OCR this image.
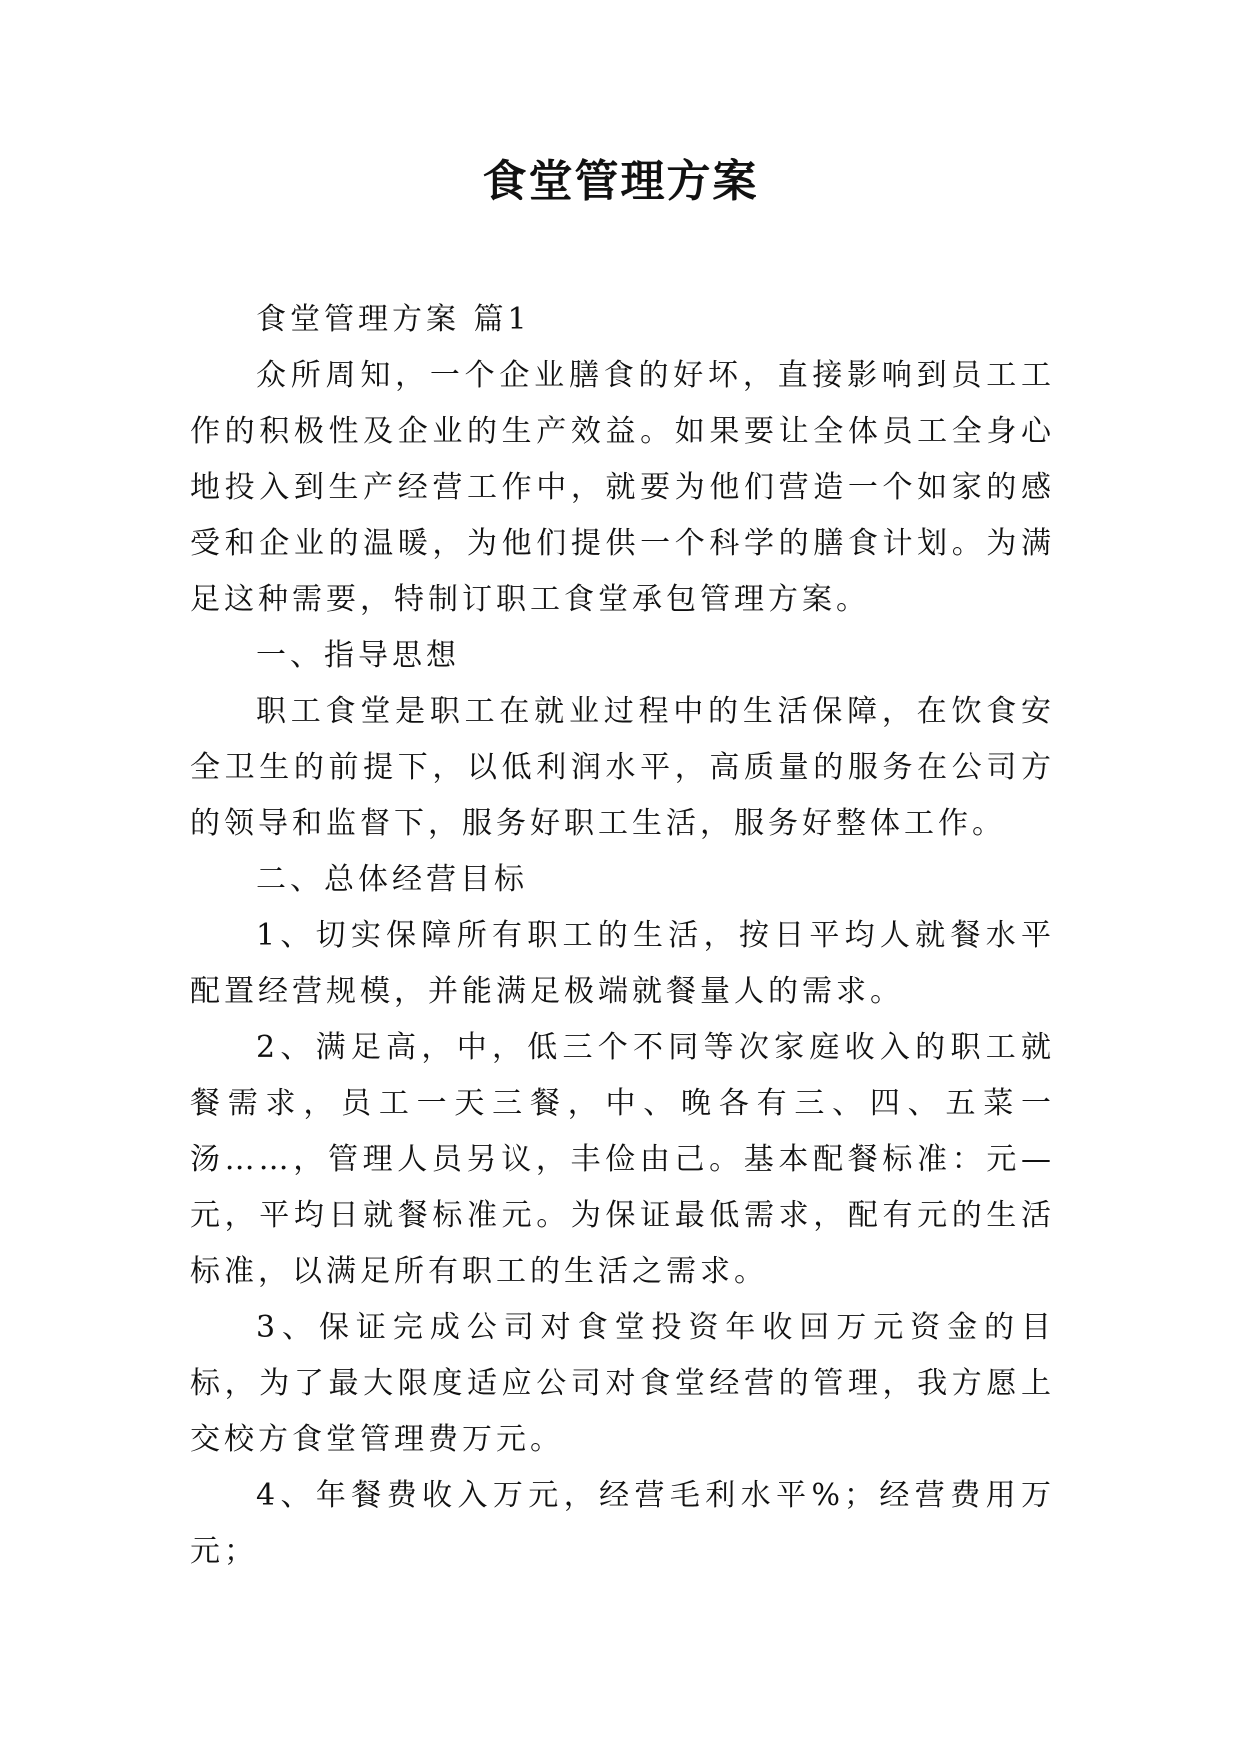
食堂管理方案

食堂管理方案 篇1

众所周知，一个企业膳食的好坏，直接影响到员工工作的积极性及企业的生产效益。如果要让全体员工全身心地投入到生产经营工作中，就要为他们营造一个如家的感受和企业的温暖，为他们提供一个科学的膳食计划。为满足这种需要，特制订职工食堂承包管理方案。

一、指导思想

职工食堂是职工在就业过程中的生活保障，在饮食安全卫生的前提下，以低利润水平，高质量的服务在公司方的领导和监督下，服务好职工生活，服务好整体工作。

二、总体经营目标

1、切实保障所有职工的生活，按日平均人就餐水平配置经营规模，并能满足极端就餐量人的需求。

2、满足高，中，低三个不同等次家庭收入的职工就餐需求，员工一天三餐，中、晚各有三、四、五菜一汤……，管理人员另议，丰俭由己。基本配餐标准：元—元，平均日就餐标准元。为保证最低需求，配有元的生活标准，以满足所有职工的生活之需求。

3、保证完成公司对食堂投资年收回万元资金的目标，为了最大限度适应公司对食堂经营的管理，我方愿上交校方食堂管理费万元。

4、年餐费收入万元，经营毛利水平%；经营费用万元；
